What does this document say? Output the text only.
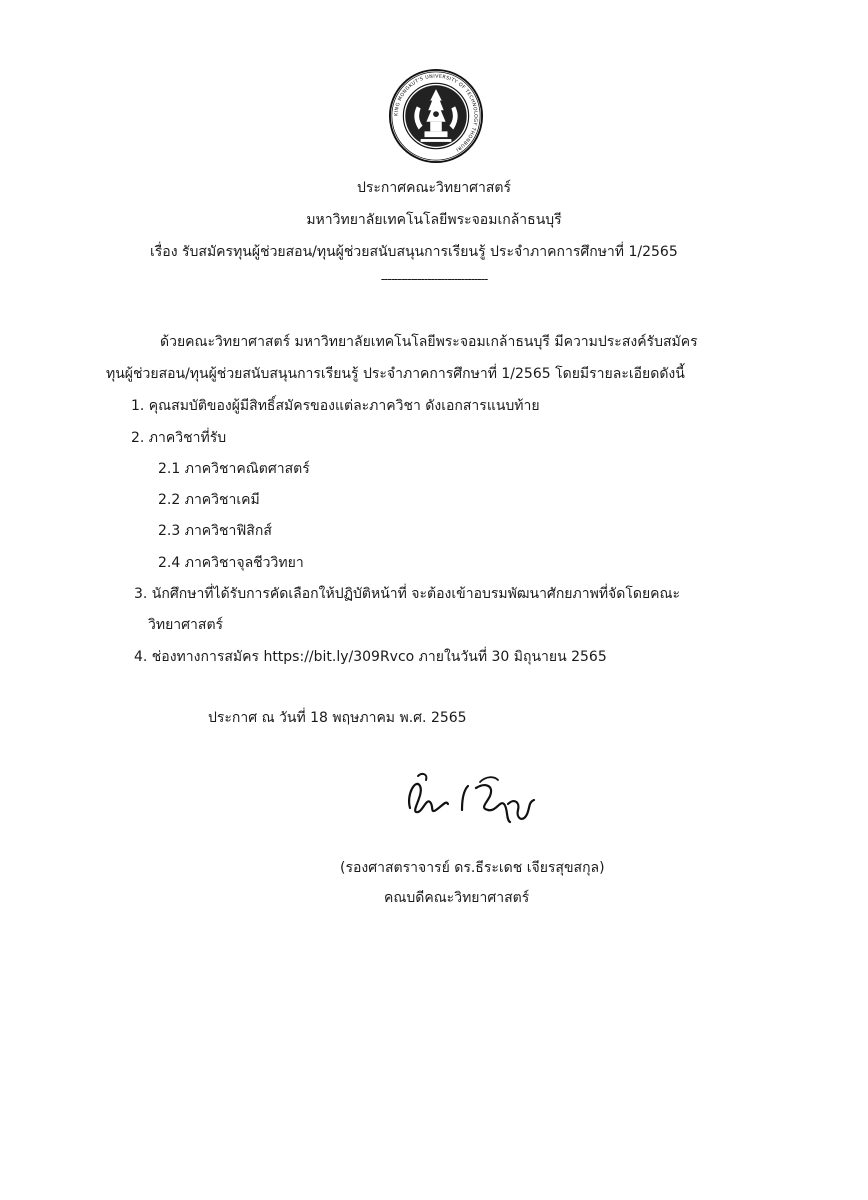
KING MONGKUT'S UNIVERSITY OF TECHNOLOGY THONBURI
ประกาศคณะวิทยาศาสตร์
มหาวิทยาลัยเทคโนโลยีพระจอมเกล้าธนบุรี
เรื่อง รับสมัครทุนผู้ช่วยสอน/ทุนผู้ช่วยสนับสนุนการเรียนรู้ ประจำภาคการศึกษาที่ 1/2565
--------------------------------
ด้วยคณะวิทยาศาสตร์ มหาวิทยาลัยเทคโนโลยีพระจอมเกล้าธนบุรี มีความประสงค์รับสมัคร
ทุนผู้ช่วยสอน/ทุนผู้ช่วยสนับสนุนการเรียนรู้ ประจำภาคการศึกษาที่ 1/2565 โดยมีรายละเอียดดังนี้
1. คุณสมบัติของผู้มีสิทธิ์สมัครของแต่ละภาควิชา ดังเอกสารแนบท้าย
2. ภาควิชาที่รับ
2.1 ภาควิชาคณิตศาสตร์
2.2 ภาควิชาเคมี
2.3 ภาควิชาฟิสิกส์
2.4 ภาควิชาจุลชีววิทยา
3. นักศึกษาที่ได้รับการคัดเลือกให้ปฏิบัติหน้าที่ จะต้องเข้าอบรมพัฒนาศักยภาพที่จัดโดยคณะ
วิทยาศาสตร์
4. ช่องทางการสมัคร https://bit.ly/309Rvco ภายในวันที่ 30 มิถุนายน 2565
ประกาศ ณ วันที่ 18 พฤษภาคม พ.ศ. 2565
(รองศาสตราจารย์ ดร.ธีระเดช เจียรสุขสกุล)
คณบดีคณะวิทยาศาสตร์
